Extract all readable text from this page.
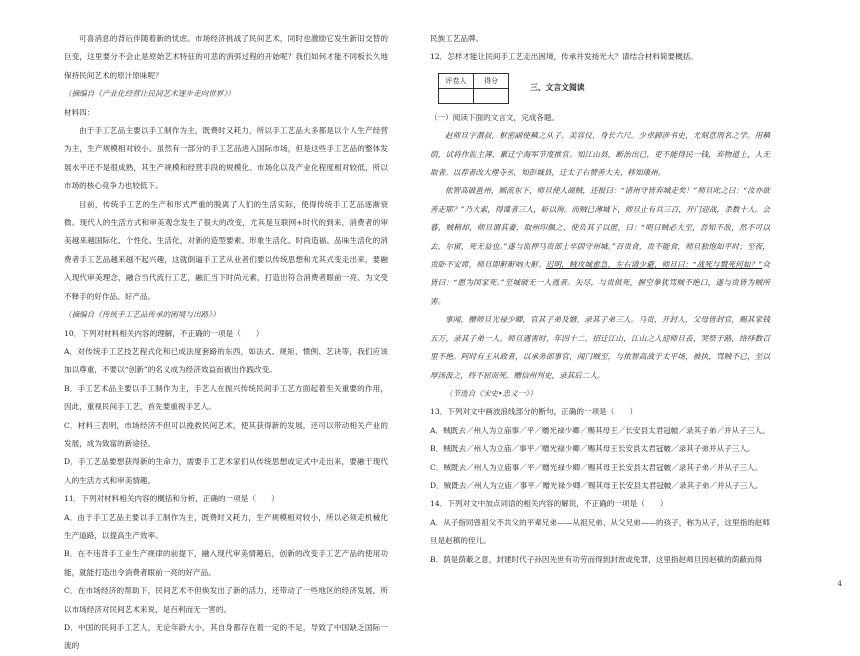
可喜消息的背后伴随着新的忧虑。市场经济挑战了民间艺术，同时也激励它发生新旧交替的巨变，这里要分不会止是原始艺术特征的可悲的消弭过程的开始呢？我们如何才能不同板长久地保持民间艺术的原汁原味呢？

（摘编自《产业化经营让民间艺术逐步走向世界》）

材料四：

由于手工艺品主要以手工制作为主，既费时又耗力，所以手工艺品大多都是以个人生产经营为主，生产规模相对较小。虽然有一部分的手工艺品进入国际市场，但是这些手工艺品的整体发展水平还不是很成熟，其生产规模和经营手段的规模化、市场化以及产业化程度相对较低，所以市场的核心竞争力也较低下。

目前，传统手工艺的生产和形式严重的脱离了人们的生活实际，使得传统手工艺品逐渐衰微。现代人的生活方式和审美观念发生了很大的改变，尤其是互联网+时代的到来，消费者的审美越来越国际化、个性化、生活化，对新的造型要素、形象生活化、时尚造福、品味生活化的消费者手工艺品越来越不起兴趣，这就倒逼手工艺从业者们要以传统思想和尤其式变走出来，要融入现代审美理念，融合当代流行工艺，融汇当下时尚元素，打造出符合消费者眼前一亮、为文受不释手的好作品、好产品。

（摘编自《传统手工艺品传承的困境与出路》）

10．下列对材料相关内容的理解，不正确的一项是（　　）

A．对传统手工艺技艺程式化和已成法度套路的东西，如法式、规矩、惯例、艺诀等，我们应该加以尊重，不要以“创新”的名义成为经济效益而被出作践改变。

B．手工艺术品主要以手工制作为主，手艺人在振兴传统民间手工艺方面起着至关重要的作用，因此，重视民间手工艺，首先要重视手艺人。

C．材料三表明，市场经济不但可以挽救民间艺术，使其获得新的发展，还可以带动相关产业的发展，成为致富的新途径。

D．手工艺品要想获得新的生命力，需要手工艺术家们从传统思想或定式中走出来，要融于现代人的生活方式和审美情趣。

11．下列对材料相关内容的概括和分析，正确的一项是（　　）

A．由于手工艺品主要以手工制作为主，既费时又耗力，生产规模相对较小，所以必须走机械化生产道路，以提高生产效率。

B．在不违背手工业生产规律的前提下，融入现代审美情趣后，创新的改变手工艺产品的使用功能，就能打造出令消费者眼前一亮的好产品。

C．在市场经济的帮助下，民间艺术不但焕发出了新的活力，还带动了一些地区的经济发展，所以市场经济对民间艺术来说，是百利而无一害的。

D．中国的民间手工艺人，无论年龄大小，其自身都存在着一定的不足，导致了中国缺乏国际一流的

民族工艺品牌。

12．怎样才能让民间手工艺走出困境，传承并发扬光大？请结合材料简要概括。

评卷人	得分

三、文言文阅读

（一）阅读下面的文言文，完成各题。

赵师旦字潜叔，枢密副使稹之从子。美容仪，身长六尺。少卓踔涉书史，尤刻意刑名之学。用稹荫，试将作监主簿，累迁宁海军节度推官。知江山县，断治出已，吏不能得民一钱，弃物道上，人无取者。以荐者改大理寺丞，知彭城县，迁太子右赞善大夫，移知康州。

侬智高破邕州，顺流东下，师旦使人觇贼，还报曰：“诸州守皆弃城走矣！”师旦叱之曰：“汝亦欲善走耶？”乃大索，得谍者三人，斩以徇。而贼已薄城下，师旦止有兵三百，开门迎战，杀数十人。会暮，贼稍却，师旦谓其妻，取州印佩之，使负其子以匿，曰：“明日贼必大至，吾知不敌，然不可以去，尔留，死无益也。”遂与监押马贵部士卒固守州城。”召贵食，贵不能食，师旦独饱如平时；至夜，贵卧不安席，师旦即鼾鼾吶大鼾。迟明，贼攻城愈急，左右请少避，师旦曰：“战死与戮死何如？”众皆曰：“愿为国家死。”至城破无一人逃者。矢尽，与贵俱死，握空拳犹骂贼不绝口，遂与贵皆为贼所害。

事闻，赠师旦光禄少卿，官其子弟及婿，录其子弟三人。马贵，开封人，父母皆封官，赐其家钱五万，录其子弟一人。师旦遇害时，年四十二。招迁江山，江山之人迎师旦丧，哭祭于路，络绎数百里不绝。阿时有王从政者，以承务郎事官，闻门贼至，与侬智高战于太平场，被执，骂贼不已，至以厚汤汲之，终不屈而死。赠信州判史，录其后二人。

（节选自《宋史•忠义一》）

13．下列对文中画波浪线部分的断句，正确的一项是（　　）

A．贼既去／州人为立庙事／平／赠光禄少卿／赐其母王／长安县太君冠帔／录其子弟／并从子三人。

B．贼既去／州人为立庙／事平／赠光禄少卿／赐其母王长安县太君冠帔／录其子弟并从子三人。

C．贼既去／州人为立庙事／平／赠光禄少卿／赐其母王长安县太君冠帔／录其子弟／并从子三人。

D．贼既去／州人为立庙／事平／赠光禄少卿／赐其母王长安县太君冠帔／录其子弟／并从子三人。

14．下列对文中加点词语的相关内容的解说，不正确的一项是（　　）

A．从子指同曾祖父不共父的平辈兄弟——从祖兄弟、从父兄弟——的孩子，称为从子，这里指的赵师旦是赵稹的侄儿。

B．荫是荫蔽之意，封建时代子孙因先世有功劳而得到封赏或免罪，这里指赵师旦因赵稹的荫蔽而得

4
